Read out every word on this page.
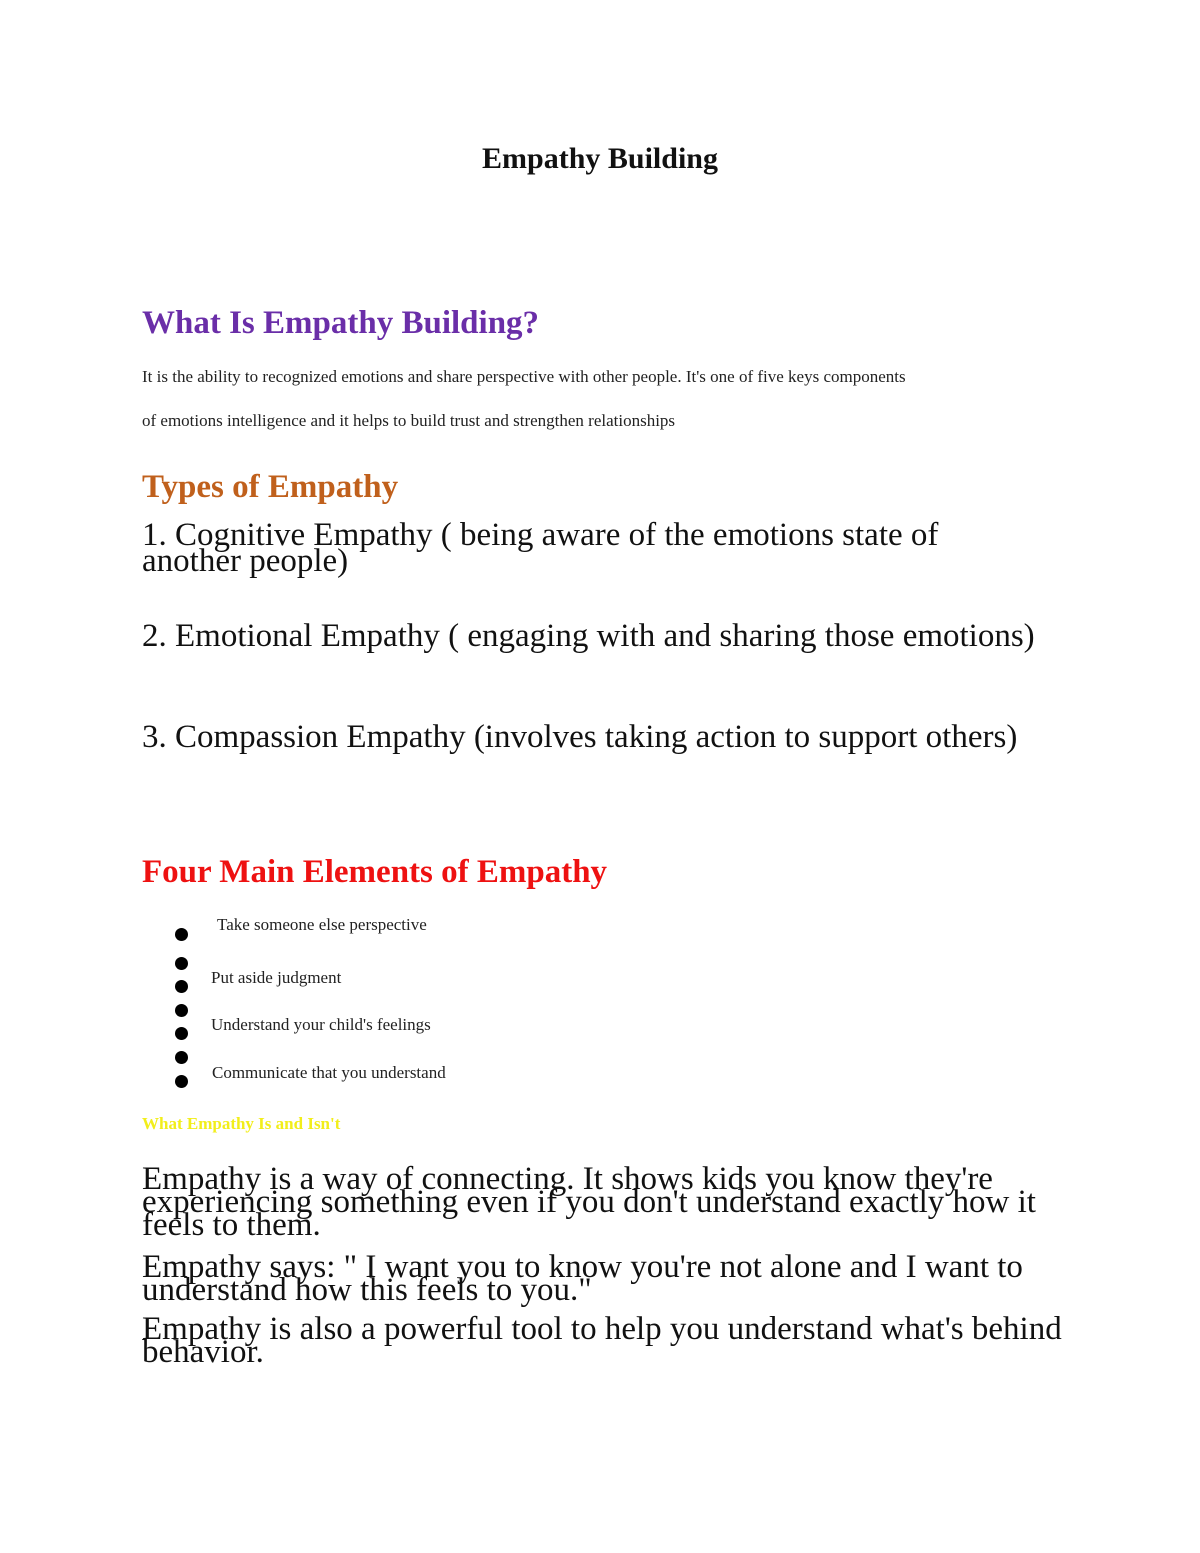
Empathy Building
What Is Empathy Building?
It is the ability to recognized emotions and share perspective with other people. It's one of five keys components
of emotions intelligence and it helps to build trust and strengthen relationships
Types of Empathy
1. Cognitive Empathy ( being aware of the emotions state of another people)
2. Emotional Empathy ( engaging with and sharing those emotions)
3. Compassion Empathy (involves taking action to support others)
Four Main Elements of Empathy
Take someone else perspective
Put aside judgment
Understand your child's feelings
Communicate that you understand
What Empathy Is and Isn't
Empathy is a way of connecting. It shows kids you know they're experiencing something even if you don't understand exactly how it feels to them.
Empathy says: " I want you to know you're not alone and I want to understand how this feels to you."
Empathy is also a powerful tool to help you understand what's behind behavior.
